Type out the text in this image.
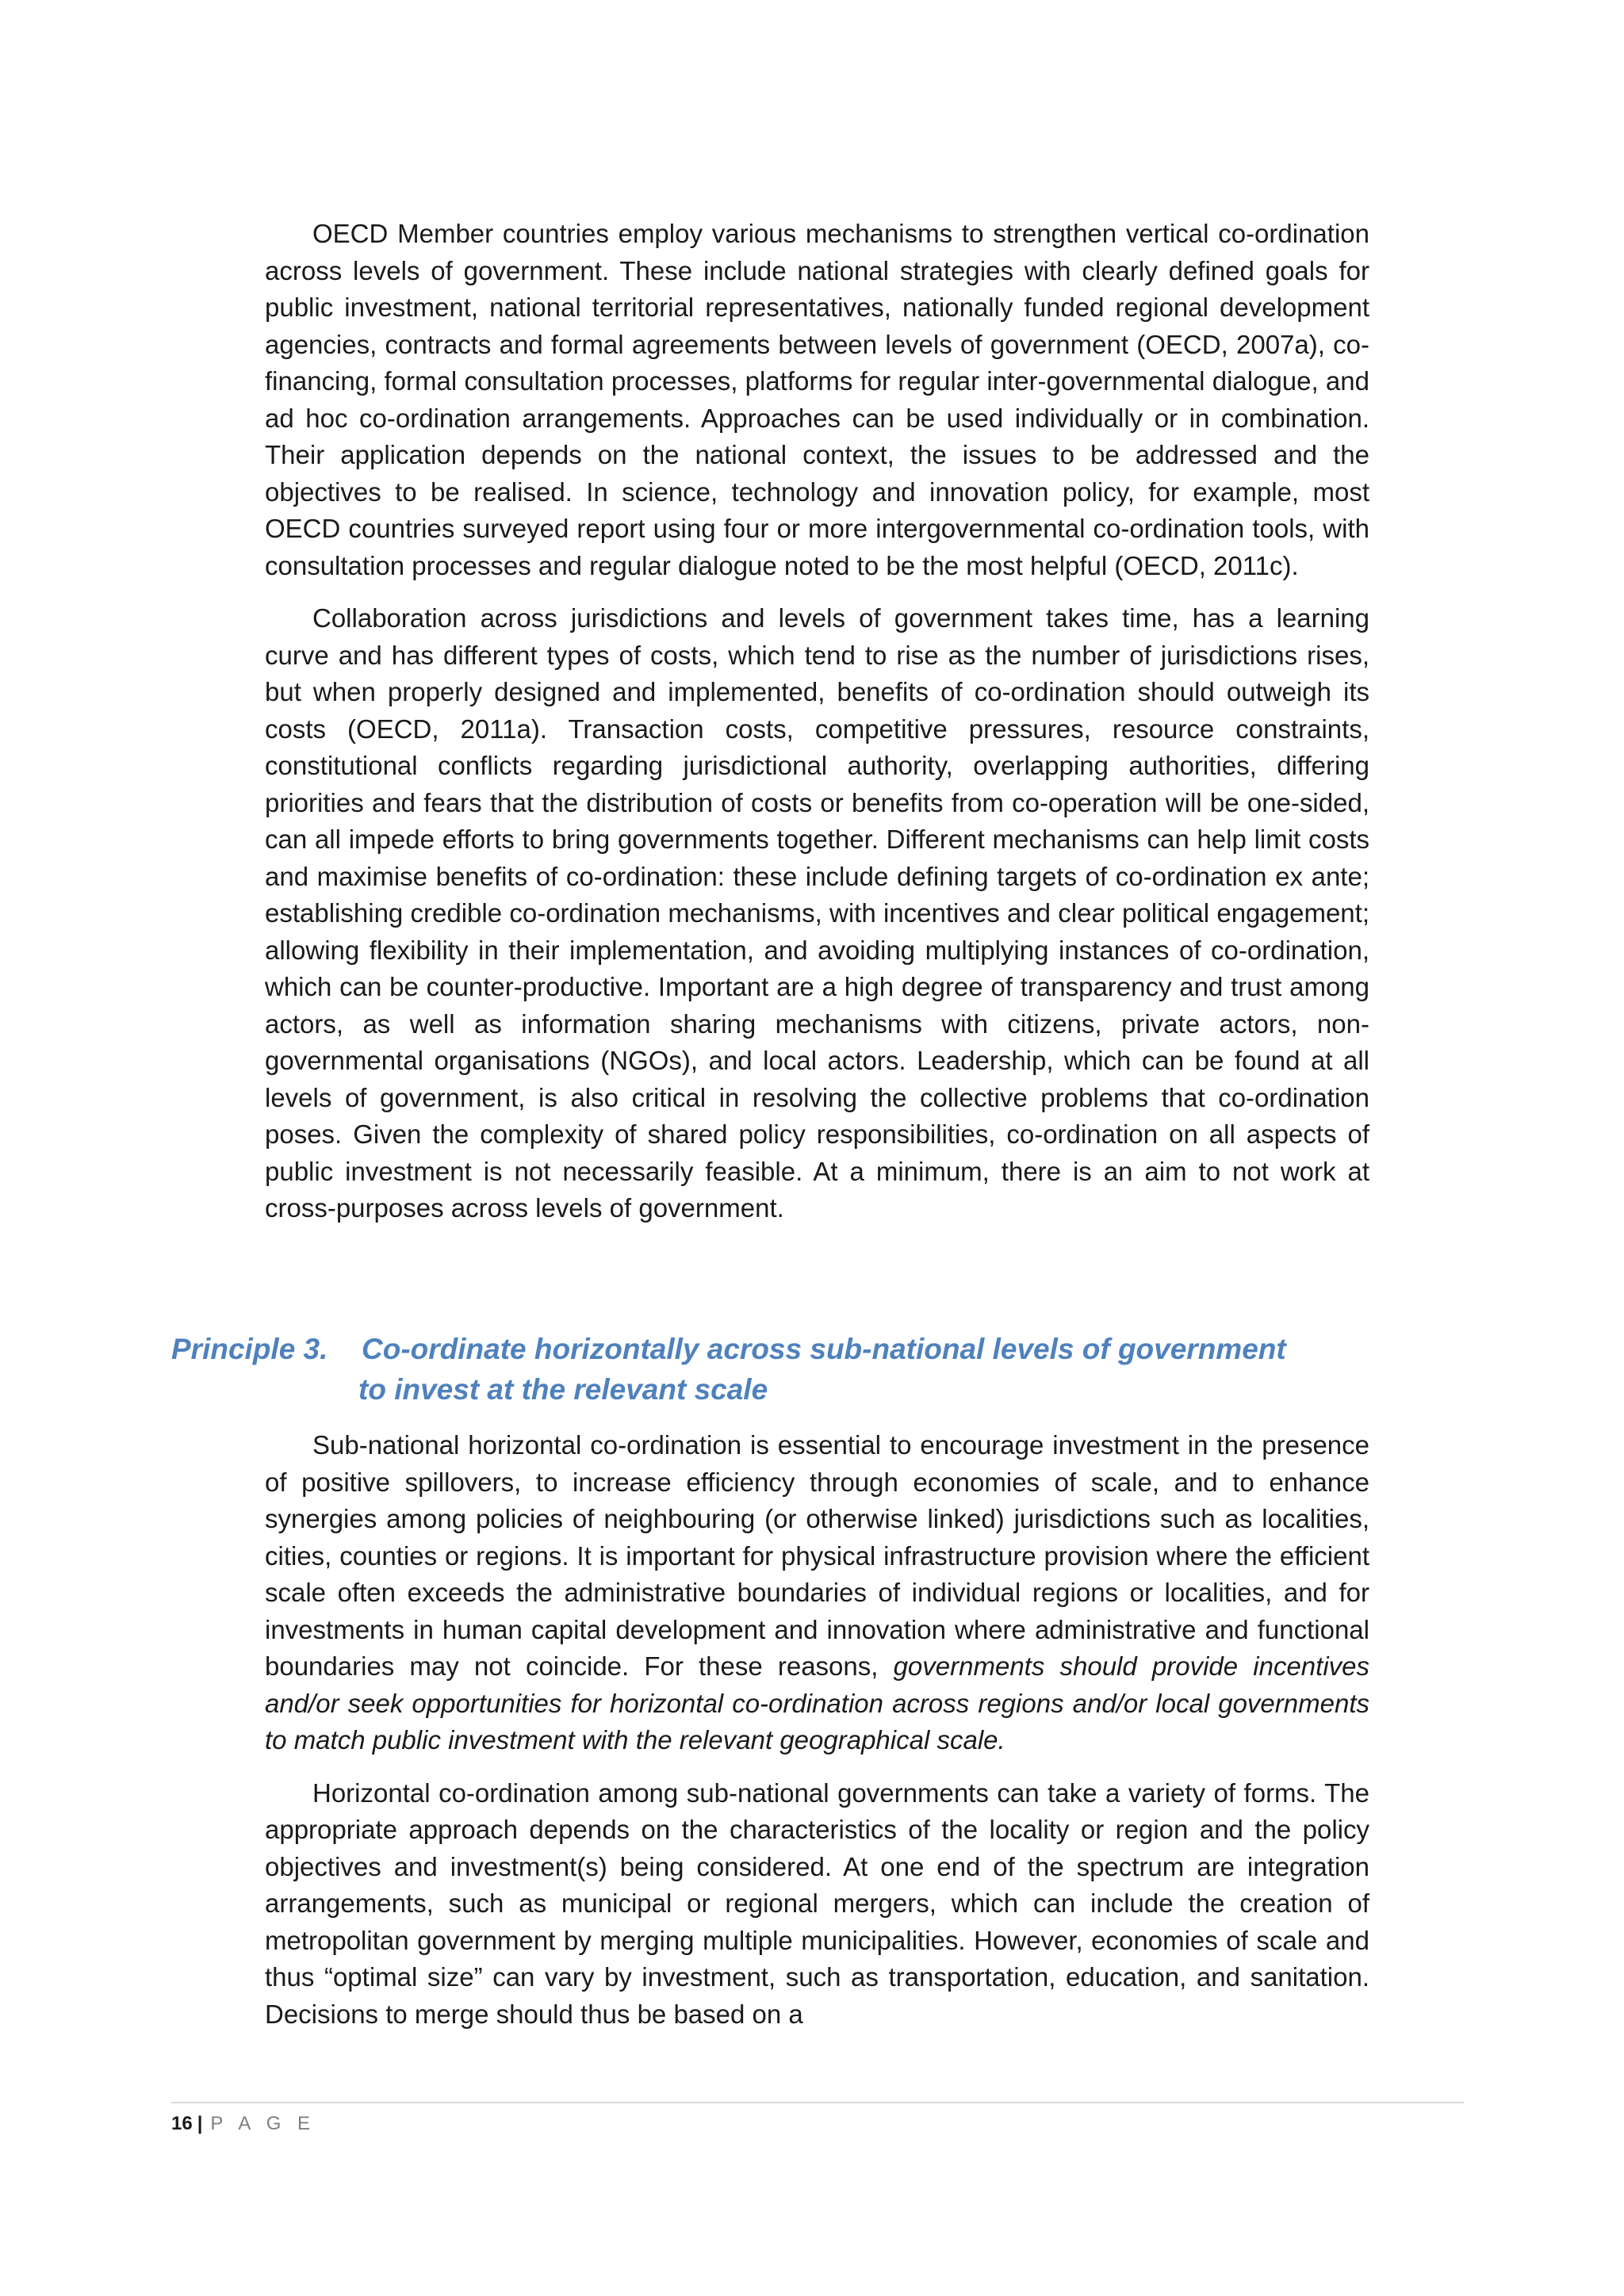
OECD Member countries employ various mechanisms to strengthen vertical co-ordination across levels of government. These include national strategies with clearly defined goals for public investment, national territorial representatives, nationally funded regional development agencies, contracts and formal agreements between levels of government (OECD, 2007a), co-financing, formal consultation processes, platforms for regular inter-governmental dialogue, and ad hoc co-ordination arrangements. Approaches can be used individually or in combination. Their application depends on the national context, the issues to be addressed and the objectives to be realised. In science, technology and innovation policy, for example, most OECD countries surveyed report using four or more intergovernmental co-ordination tools, with consultation processes and regular dialogue noted to be the most helpful (OECD, 2011c).

Collaboration across jurisdictions and levels of government takes time, has a learning curve and has different types of costs, which tend to rise as the number of jurisdictions rises, but when properly designed and implemented, benefits of co-ordination should outweigh its costs (OECD, 2011a). Transaction costs, competitive pressures, resource constraints, constitutional conflicts regarding jurisdictional authority, overlapping authorities, differing priorities and fears that the distribution of costs or benefits from co-operation will be one-sided, can all impede efforts to bring governments together. Different mechanisms can help limit costs and maximise benefits of co-ordination: these include defining targets of co-ordination ex ante; establishing credible co-ordination mechanisms, with incentives and clear political engagement; allowing flexibility in their implementation, and avoiding multiplying instances of co-ordination, which can be counter-productive. Important are a high degree of transparency and trust among actors, as well as information sharing mechanisms with citizens, private actors, non-governmental organisations (NGOs), and local actors. Leadership, which can be found at all levels of government, is also critical in resolving the collective problems that co-ordination poses. Given the complexity of shared policy responsibilities, co-ordination on all aspects of public investment is not necessarily feasible. At a minimum, there is an aim to not work at cross-purposes across levels of government.

Principle 3. Co-ordinate horizontally across sub-national levels of government
to invest at the relevant scale

Sub-national horizontal co-ordination is essential to encourage investment in the presence of positive spillovers, to increase efficiency through economies of scale, and to enhance synergies among policies of neighbouring (or otherwise linked) jurisdictions such as localities, cities, counties or regions. It is important for physical infrastructure provision where the efficient scale often exceeds the administrative boundaries of individual regions or localities, and for investments in human capital development and innovation where administrative and functional boundaries may not coincide. For these reasons, governments should provide incentives and/or seek opportunities for horizontal co-ordination across regions and/or local governments to match public investment with the relevant geographical scale.

Horizontal co-ordination among sub-national governments can take a variety of forms. The appropriate approach depends on the characteristics of the locality or region and the policy objectives and investment(s) being considered. At one end of the spectrum are integration arrangements, such as municipal or regional mergers, which can include the creation of metropolitan government by merging multiple municipalities. However, economies of scale and thus “optimal size” can vary by investment, such as transportation, education, and sanitation. Decisions to merge should thus be based on a

16 | P A G E
